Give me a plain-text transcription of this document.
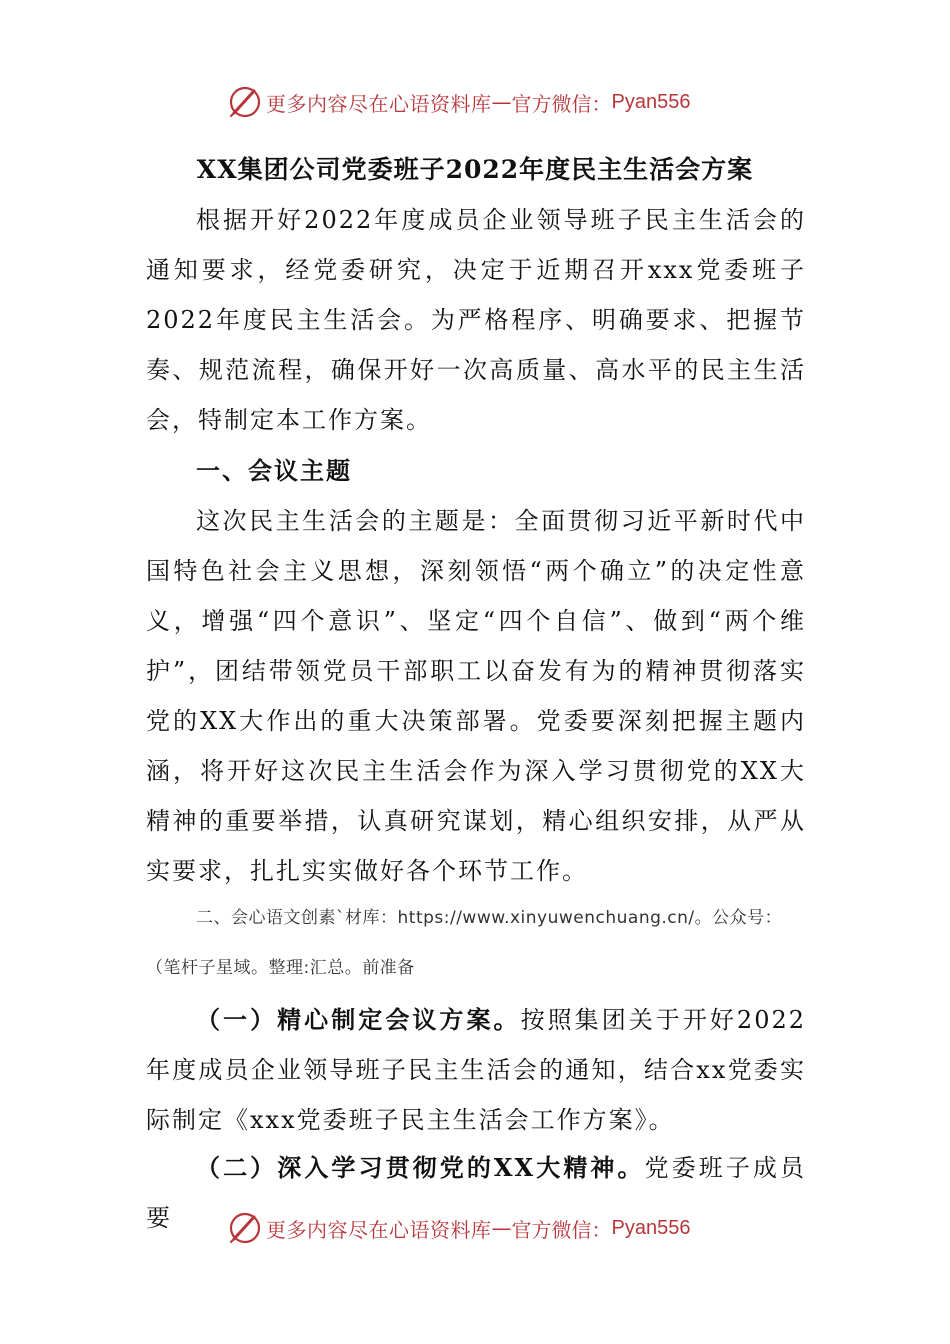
更多内容尽在心语资料库 — 官方微信： Pyan556
XX集团公司党委班子2022年度民主生活会方案
根据开好2022年度成员企业领导班子民主生活会的通知要求，经党委研究，决定于近期召开xxx党委班子2022年度民主生活会。为严格程序、明确要求、把握节奏、规范流程，确保开好一次高质量、高水平的民主生活会，特制定本工作方案。
一、会议主题
这次民主生活会的主题是：全面贯彻习近平新时代中国特色社会主义思想，深刻领悟“两个确立”的决定性意义，增强“四个意识”、坚定“四个自信”、做到“两个维护”，团结带领党员干部职工以奋发有为的精神贯彻落实党的XX大作出的重大决策部署。党委要深刻把握主题内涵，将开好这次民主生活会作为深入学习贯彻党的XX大精神的重要举措，认真研究谋划，精心组织安排，从严从实要求，扎扎实实做好各个环节工作。
二、会心语文创素`材库：https://www.xinyuwenchuang.cn/。公众号：（笔杆子星域。整理:汇总。前准备
（一）精心制定会议方案。按照集团关于开好2022年度成员企业领导班子民主生活会的通知，结合xx党委实际制定《xxx党委班子民主生活会工作方案》。
（二）深入学习贯彻党的XX大精神。党委班子成员要	更多内容尽在心语资料库 — 官方微信： Pyan556
